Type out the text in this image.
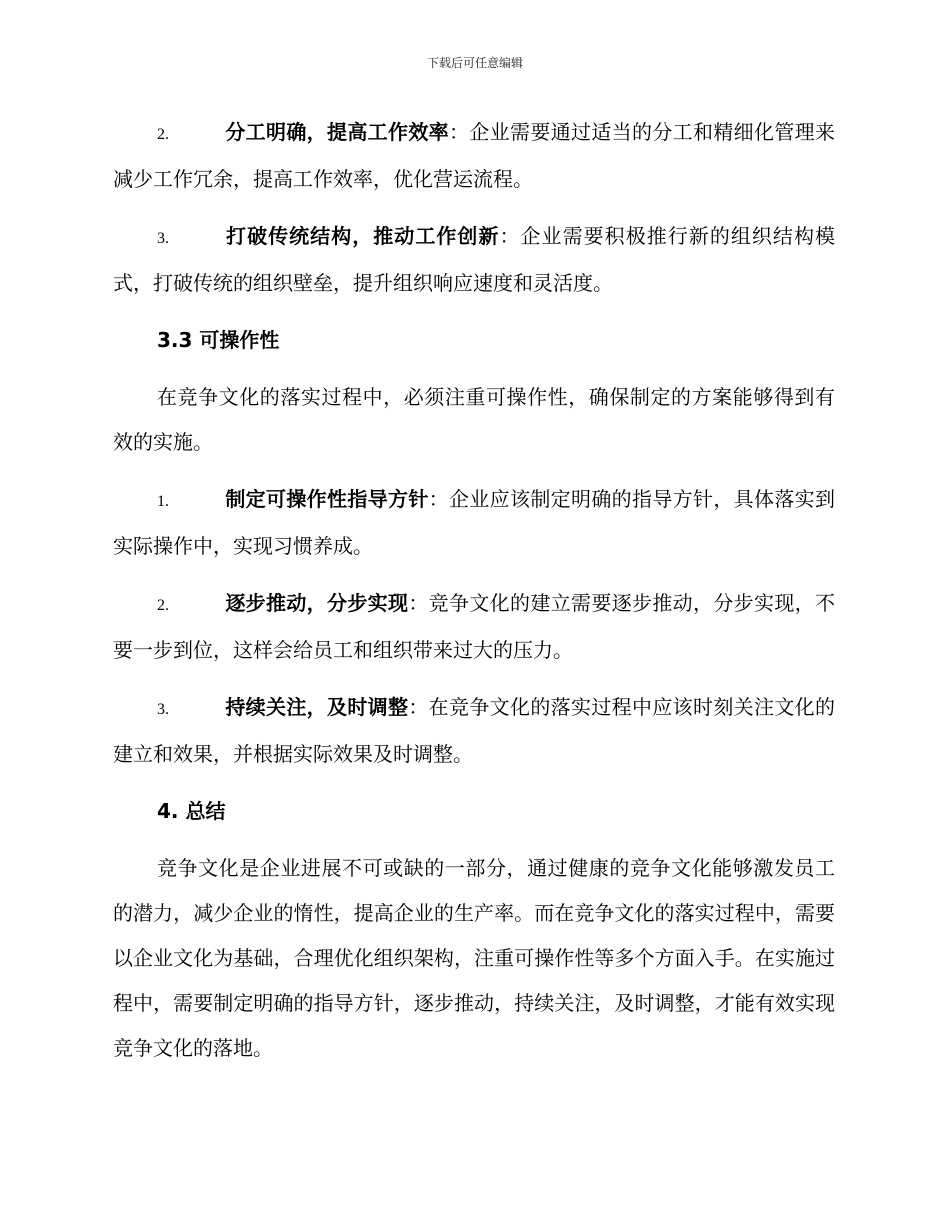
下载后可任意编辑

2.	分工明确，提高工作效率：企业需要通过适当的分工和精细化管理来减少工作冗余，提高工作效率，优化营运流程。

3.	打破传统结构，推动工作创新：企业需要积极推行新的组织结构模式，打破传统的组织壁垒，提升组织响应速度和灵活度。

3.3 可操作性

在竞争文化的落实过程中，必须注重可操作性，确保制定的方案能够得到有效的实施。

1.	制定可操作性指导方针：企业应该制定明确的指导方针，具体落实到实际操作中，实现习惯养成。

2.	逐步推动，分步实现：竞争文化的建立需要逐步推动，分步实现，不要一步到位，这样会给员工和组织带来过大的压力。

3.	持续关注，及时调整：在竞争文化的落实过程中应该时刻关注文化的建立和效果，并根据实际效果及时调整。

4. 总结

竞争文化是企业进展不可或缺的一部分，通过健康的竞争文化能够激发员工的潜力，减少企业的惰性，提高企业的生产率。而在竞争文化的落实过程中，需要以企业文化为基础，合理优化组织架构，注重可操作性等多个方面入手。在实施过程中，需要制定明确的指导方针，逐步推动，持续关注，及时调整，才能有效实现竞争文化的落地。
